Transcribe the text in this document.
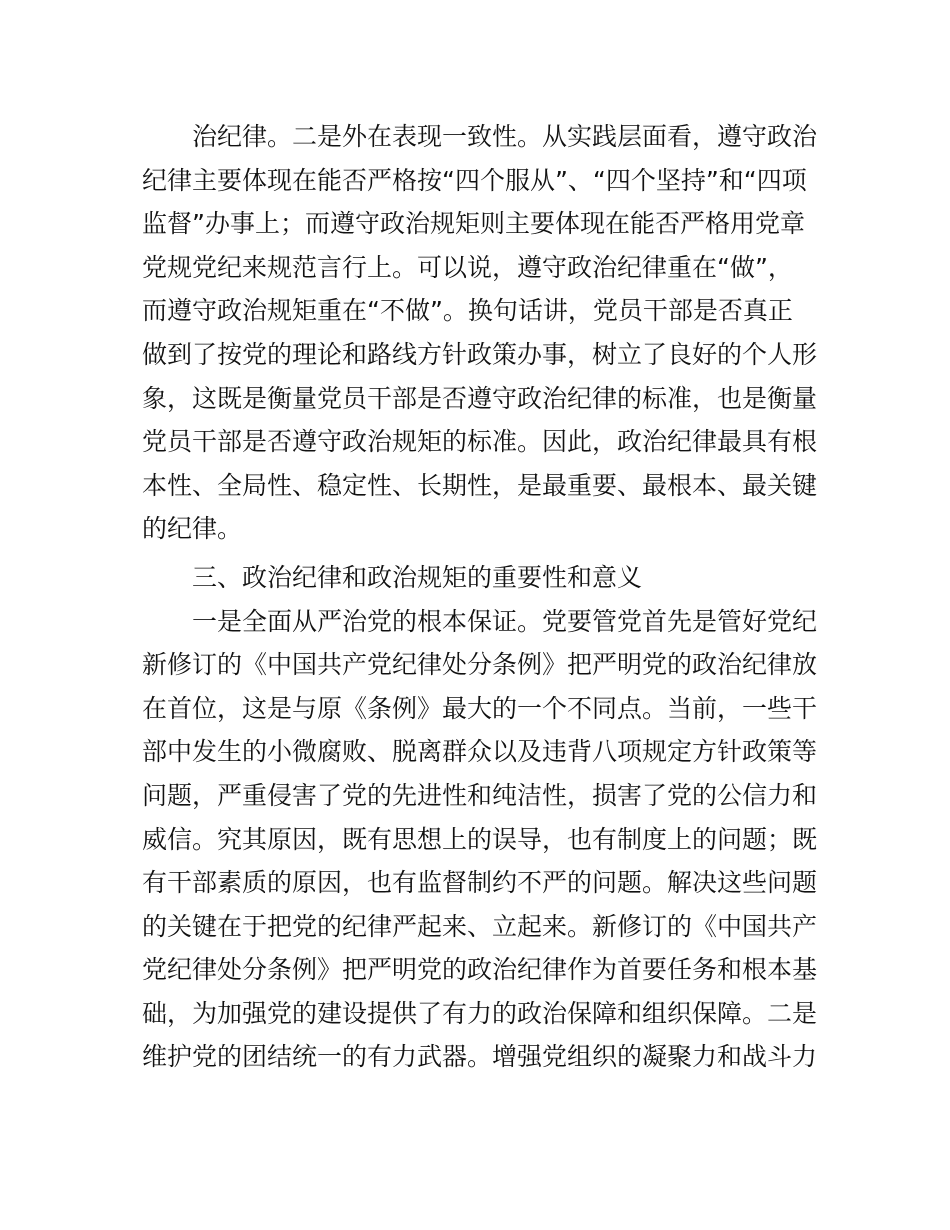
治纪律。二是外在表现一致性。从实践层面看，遵守政治
纪律主要体现在能否严格按“四个服从”、“四个坚持”和“四项
监督”办事上；而遵守政治规矩则主要体现在能否严格用党章
党规党纪来规范言行上。可以说，遵守政治纪律重在“做”，
而遵守政治规矩重在“不做”。换句话讲，党员干部是否真正
做到了按党的理论和路线方针政策办事，树立了良好的个人形
象，这既是衡量党员干部是否遵守政治纪律的标准，也是衡量
党员干部是否遵守政治规矩的标准。因此，政治纪律最具有根
本性、全局性、稳定性、长期性，是最重要、最根本、最关键
的纪律。
三、政治纪律和政治规矩的重要性和意义
一是全面从严治党的根本保证。党要管党首先是管好党纪
新修订的《中国共产党纪律处分条例》把严明党的政治纪律放
在首位，这是与原《条例》最大的一个不同点。当前，一些干
部中发生的小微腐败、脱离群众以及违背八项规定方针政策等
问题，严重侵害了党的先进性和纯洁性，损害了党的公信力和
威信。究其原因，既有思想上的误导，也有制度上的问题；既
有干部素质的原因，也有监督制约不严的问题。解决这些问题
的关键在于把党的纪律严起来、立起来。新修订的《中国共产
党纪律处分条例》把严明党的政治纪律作为首要任务和根本基
础，为加强党的建设提供了有力的政治保障和组织保障。二是
维护党的团结统一的有力武器。增强党组织的凝聚力和战斗力
